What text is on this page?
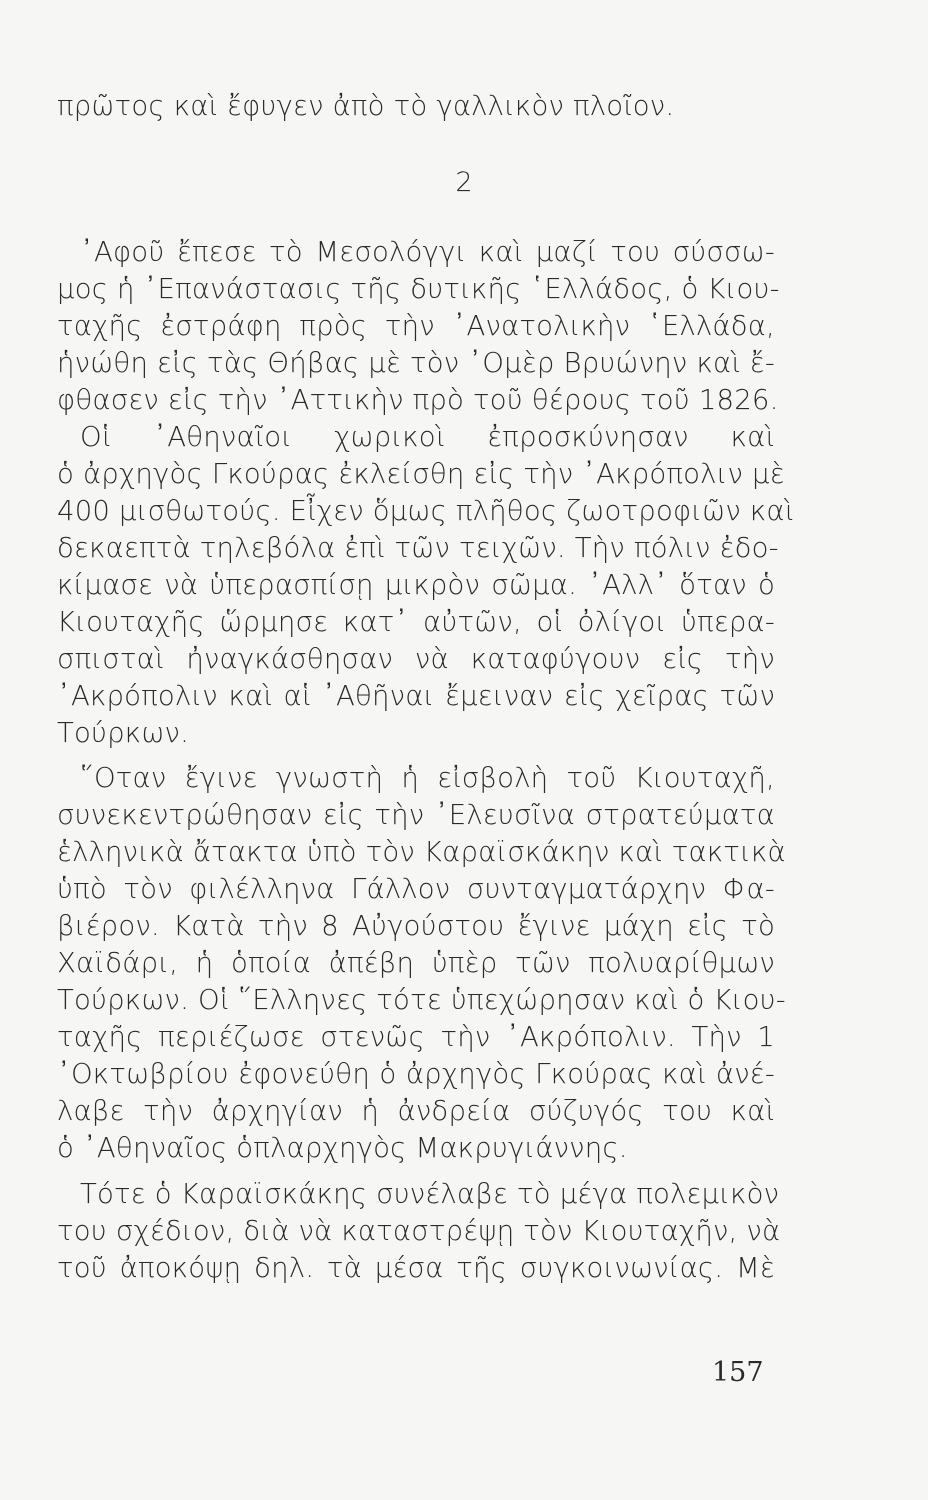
πρῶτος καὶ ἔφυγεν ἀπὸ τὸ γαλλικὸν πλοῖον.
2
᾿Αφοῦ ἔπεσε τὸ Μεσολόγγι καὶ μαζί του σύσσω-
μος ἡ ᾿Επανάστασις τῆς δυτικῆς ῾Ελλάδος, ὁ Κιου-
ταχῆς ἐστράφη πρὸς τὴν ᾿Ανατολικὴν ῾Ελλάδα,
ἡνώθη εἰς τὰς Θήβας μὲ τὸν ᾿Ομὲρ Βρυώνην καὶ ἔ-
φθασεν εἰς τὴν ᾿Αττικὴν πρὸ τοῦ θέρους τοῦ 1826.
Οἱ ᾿Αθηναῖοι χωρικοὶ ἐπροσκύνησαν καὶ
ὁ ἀρχηγὸς Γκούρας ἐκλείσθη εἰς τὴν ᾿Ακρόπολιν μὲ
400 μισθωτούς. Εἶχεν ὅμως πλῆθος ζωοτροφιῶν καὶ
δεκαεπτὰ τηλεβόλα ἐπὶ τῶν τειχῶν. Τὴν πόλιν ἐδο-
κίμασε νὰ ὑπερασπίσῃ μικρὸν σῶμα. ᾿Αλλ᾿ ὅταν ὁ
Κιουταχῆς ὥρμησε κατ᾿ αὐτῶν, οἱ ὀλίγοι ὑπερα-
σπισταὶ ἠναγκάσθησαν νὰ καταφύγουν εἰς τὴν
᾿Ακρόπολιν καὶ αἱ ᾿Αθῆναι ἔμειναν εἰς χεῖρας τῶν
Τούρκων.
῞Οταν ἔγινε γνωστὴ ἡ εἰσβολὴ τοῦ Κιουταχῆ,
συνεκεντρώθησαν εἰς τὴν ᾿Ελευσῖνα στρατεύματα
ἑλληνικὰ ἄτακτα ὑπὸ τὸν Καραϊσκάκην καὶ τακτικὰ
ὑπὸ τὸν φιλέλληνα Γάλλον συνταγματάρχην Φα-
βιέρον. Κατὰ τὴν 8 Αὐγούστου ἔγινε μάχη εἰς τὸ
Χαϊδάρι, ἡ ὁποία ἀπέβη ὑπὲρ τῶν πολυαρίθμων
Τούρκων. Οἱ ῞Ελληνες τότε ὑπεχώρησαν καὶ ὁ Κιου-
ταχῆς περιέζωσε στενῶς τὴν ᾿Ακρόπολιν. Τὴν 1
᾿Οκτωβρίου ἐφονεύθη ὁ ἀρχηγὸς Γκούρας καὶ ἀνέ-
λαβε τὴν ἀρχηγίαν ἡ ἀνδρεία σύζυγός του καὶ
ὁ ᾿Αθηναῖος ὁπλαρχηγὸς Μακρυγιάννης.
Τότε ὁ Καραϊσκάκης συνέλαβε τὸ μέγα πολεμικὸν
του σχέδιον, διὰ νὰ καταστρέψῃ τὸν Κιουταχῆν, νὰ
τοῦ ἀποκόψῃ δηλ. τὰ μέσα τῆς συγκοινωνίας. Μὲ
157
